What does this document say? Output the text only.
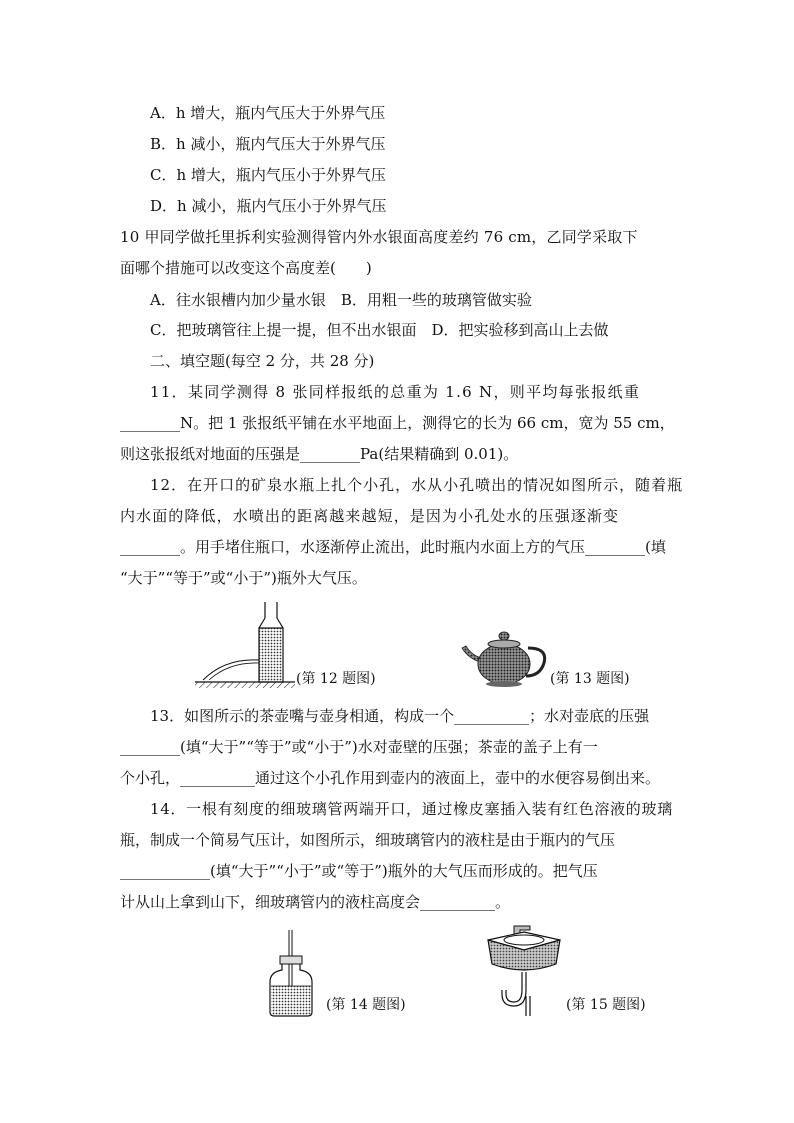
A．h 增大，瓶内气压大于外界气压
B．h 减小，瓶内气压大于外界气压
C．h 增大，瓶内气压小于外界气压
D．h 减小，瓶内气压小于外界气压
10 甲同学做托里拆利实验测得管内外水银面高度差约 76 cm，乙同学采取下
面哪个措施可以改变这个高度差(　　)
A．往水银槽内加少量水银　B．用粗一些的玻璃管做实验
C．把玻璃管往上提一提，但不出水银面　D．把实验移到高山上去做
二、填空题(每空 2 分，共 28 分)
11．某同学测得 8 张同样报纸的总重为 1.6 N，则平均每张报纸重
________N。把 1 张报纸平铺在水平地面上，测得它的长为 66 cm，宽为 55 cm，
则这张报纸对地面的压强是________Pa(结果精确到 0.01)。
12．在开口的矿泉水瓶上扎个小孔，水从小孔喷出的情况如图所示，随着瓶
内水面的降低，水喷出的距离越来越短，是因为小孔处水的压强逐渐变
________。用手堵住瓶口，水逐渐停止流出，此时瓶内水面上方的气压________(填
“大于”“等于”或“小于”)瓶外大气压。
(第 12 题图)	(第 13 题图)
13．如图所示的茶壶嘴与壶身相通，构成一个__________；水对壶底的压强
________(填“大于”“等于”或“小于”)水对壶壁的压强；茶壶的盖子上有一
个小孔，__________通过这个小孔作用到壶内的液面上，壶中的水便容易倒出来。
14．一根有刻度的细玻璃管两端开口，通过橡皮塞插入装有红色溶液的玻璃
瓶，制成一个简易气压计，如图所示，细玻璃管内的液柱是由于瓶内的气压
____________(填“大于”“小于”或“等于”)瓶外的大气压而形成的。把气压
计从山上拿到山下，细玻璃管内的液柱高度会__________。
(第 14 题图)	(第 15 题图)
